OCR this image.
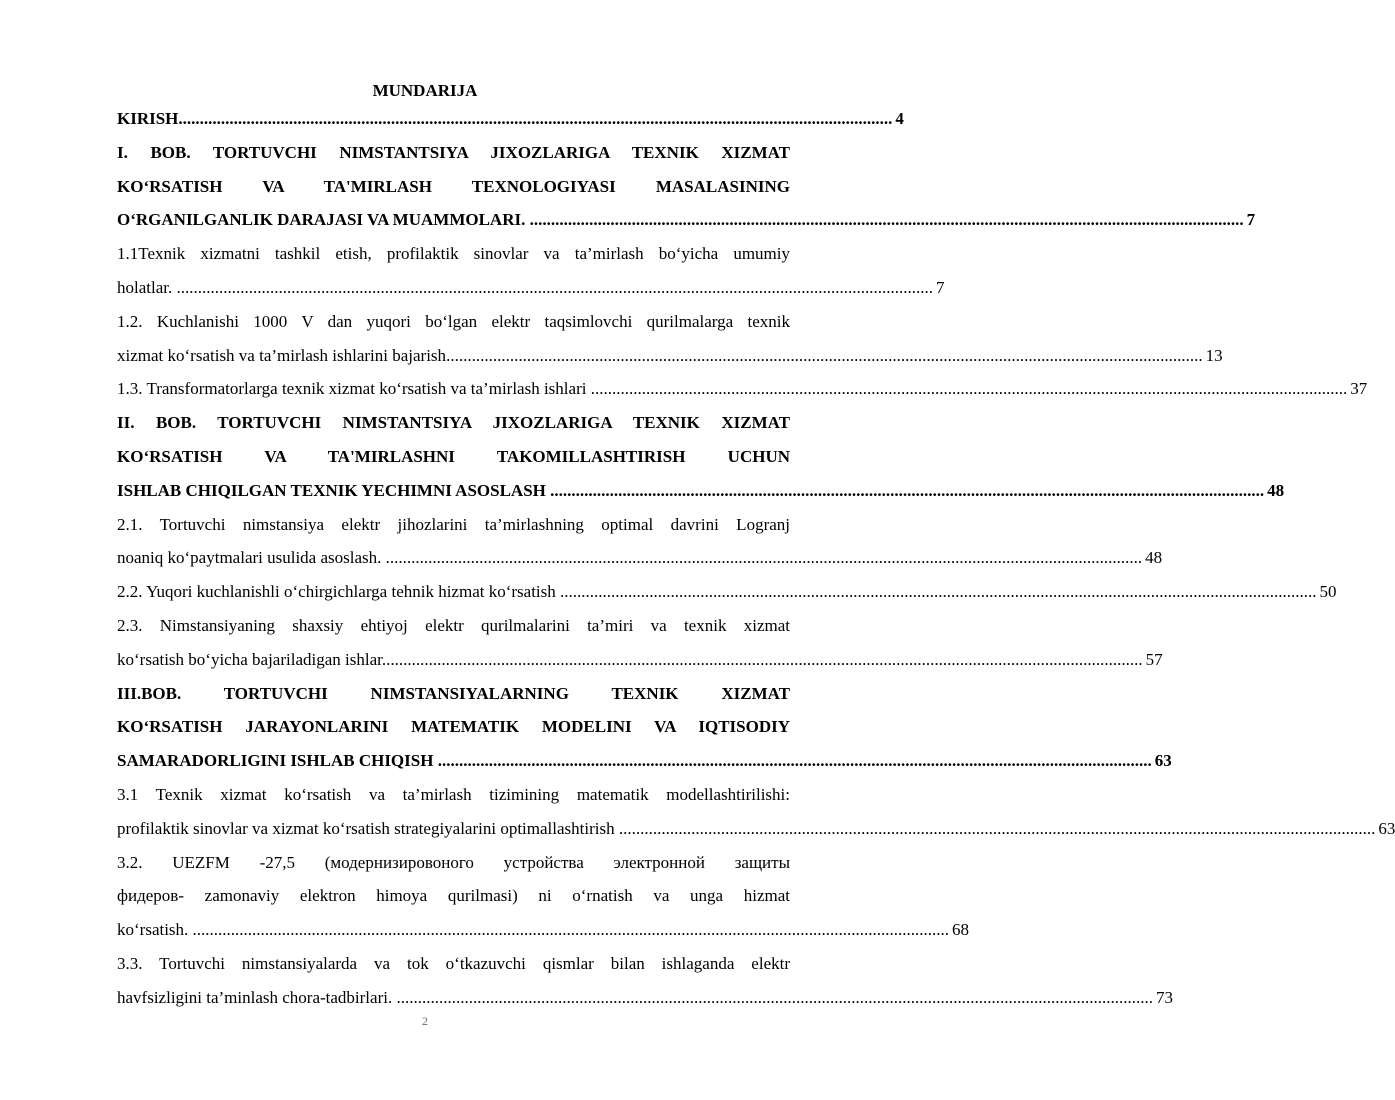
MUNDARIJA
KIRISH........................................................................................................................................................................ 4
I. BOB. TORTUVCHI NIMSTANTSIYA JIXOZLARIGA TEXNIK XIZMAT
KO‘RSATISH VA TA'MIRLASH TEXNOLOGIYASI MASALASINING
O‘RGANILGANLIK DARAJASI VA MUAMMOLARI. ........................................................................................................................................................................ 7
1.1Texnik xizmatni tashkil etish, profilaktik sinovlar va ta’mirlash bo‘yicha umumiy
holatlar. .................................................................................................................................................................................. 7
1.2. Kuchlanishi 1000 V dan yuqori bo‘lgan elektr taqsimlovchi qurilmalarga texnik
xizmat ko‘rsatish va ta’mirlash ishlarini bajarish.................................................................................................................................................................................. 13
1.3. Transformatorlarga texnik xizmat ko‘rsatish va ta’mirlash ishlari .................................................................................................................................................................................. 37
II. BOB. TORTUVCHI NIMSTANTSIYA JIXOZLARIGA TEXNIK XIZMAT
KO‘RSATISH VA TA'MIRLASHNI TAKOMILLASHTIRISH UCHUN
ISHLAB CHIQILGAN TEXNIK YECHIMNI ASOSLASH ........................................................................................................................................................................ 48
2.1. Tortuvchi nimstansiya elektr jihozlarini ta’mirlashning optimal davrini Logranj
noaniq ko‘paytmalari usulida asoslash. .................................................................................................................................................................................. 48
2.2. Yuqori kuchlanishli o‘chirgichlarga tehnik hizmat ko‘rsatish .................................................................................................................................................................................. 50
2.3. Nimstansiyaning shaxsiy ehtiyoj elektr qurilmalarini ta’miri va texnik xizmat
ko‘rsatish bo‘yicha bajariladigan ishlar................................................................................................................................................................................... 57
III.BOB. TORTUVCHI NIMSTANSIYALARNING TEXNIK XIZMAT
KO‘RSATISH JARAYONLARINI MATEMATIK MODELINI VA IQTISODIY
SAMARADORLIGINI ISHLAB CHIQISH ........................................................................................................................................................................ 63
3.1 Texnik xizmat ko‘rsatish va ta’mirlash tizimining matematik modellashtirilishi:
profilaktik sinovlar va xizmat ko‘rsatish strategiyalarini optimallashtirish .................................................................................................................................................................................. 63
3.2. UEZFM -27,5 (модернизировоного устройства электронной защиты
фидеров- zamonaviy elektron himoya qurilmasi) ni o‘rnatish va unga hizmat
ko‘rsatish. .................................................................................................................................................................................. 68
3.3. Tortuvchi nimstansiyalarda va tok o‘tkazuvchi qismlar bilan ishlaganda elektr
havfsizligini ta’minlash chora-tadbirlari. .................................................................................................................................................................................. 73
2
